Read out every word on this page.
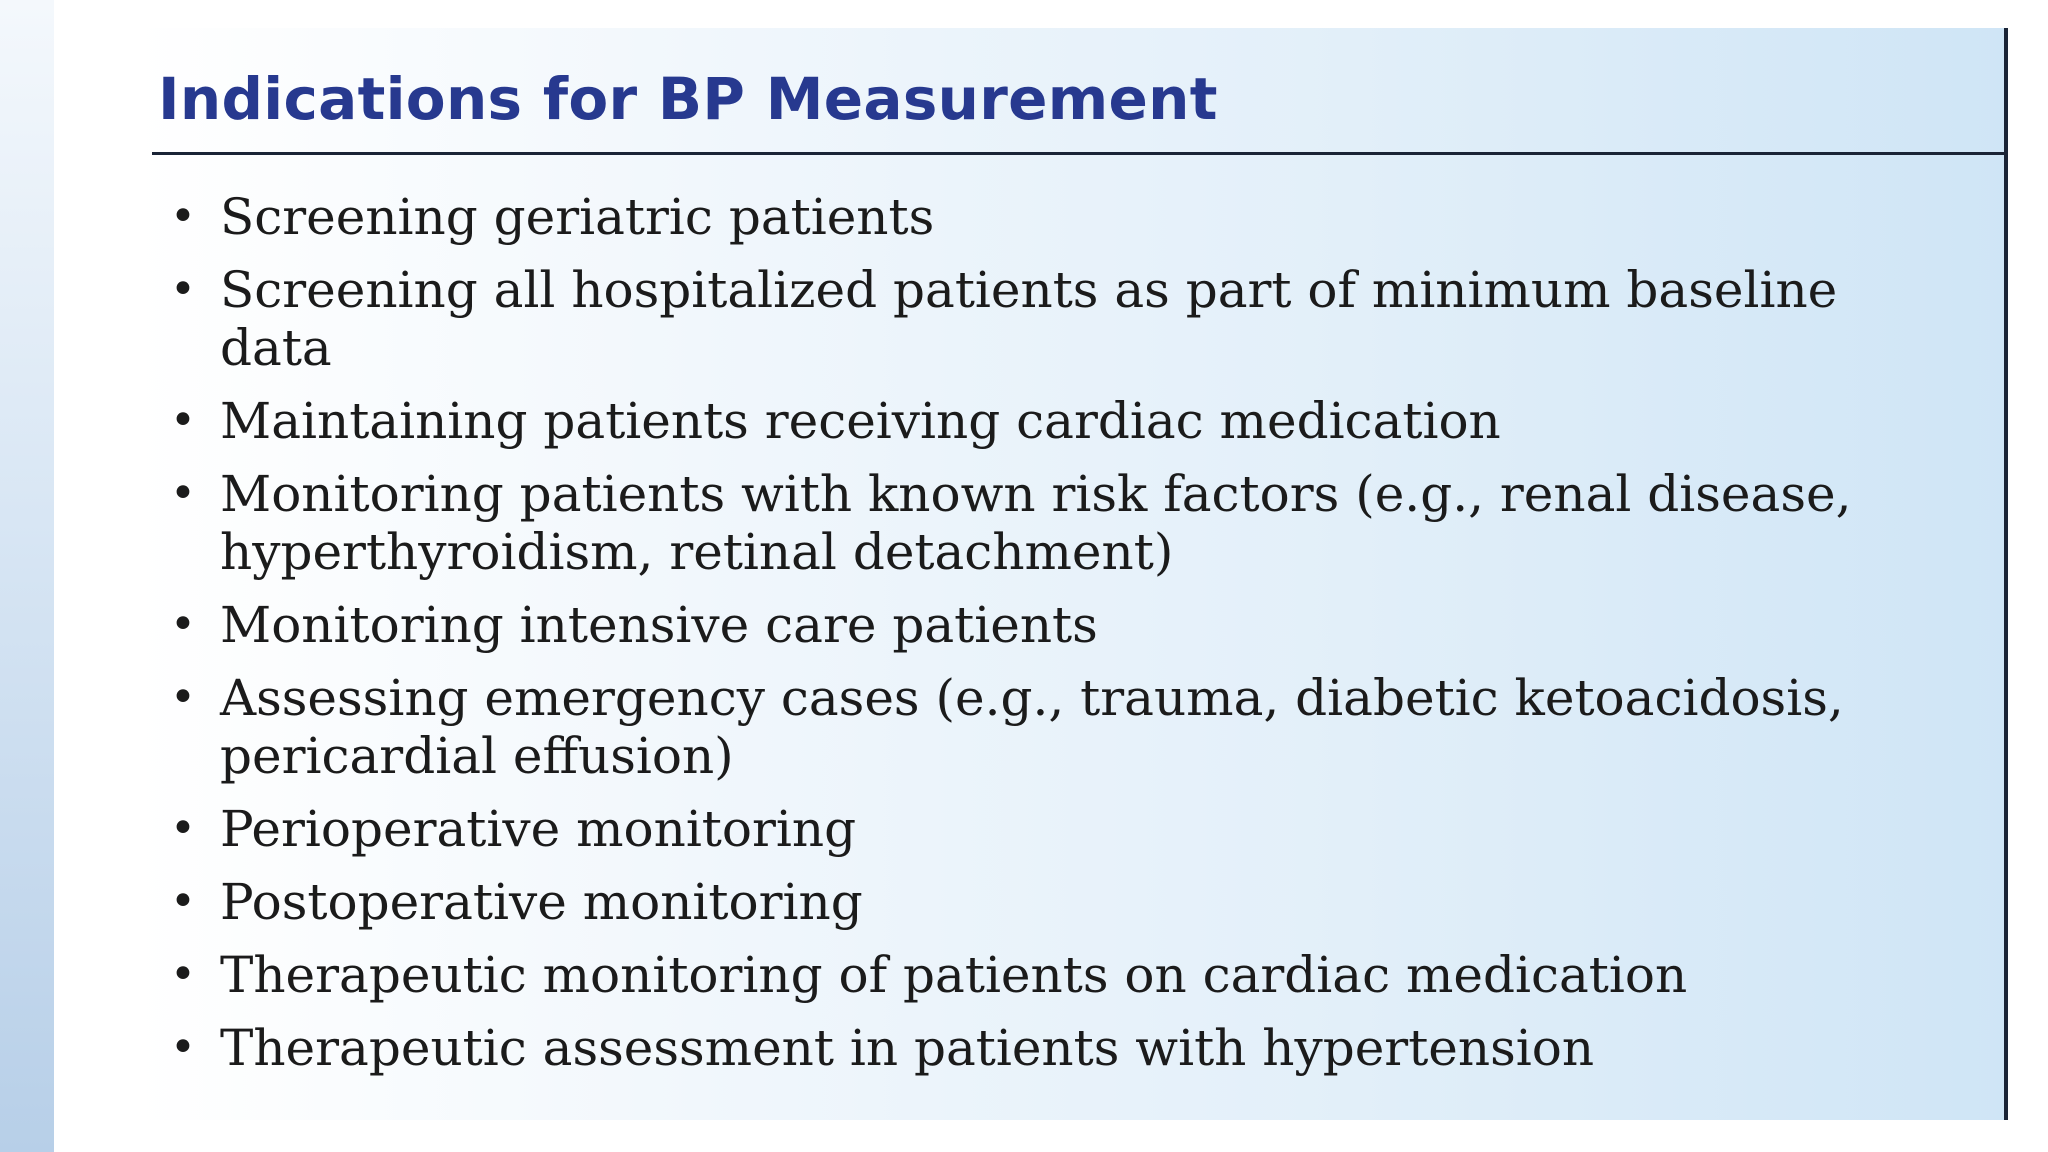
Indications for BP Measurement
• Screening geriatric patients
• Screening all hospitalized patients as part of minimum baseline data
• Maintaining patients receiving cardiac medication
• Monitoring patients with known risk factors (e.g., renal disease, hyperthyroidism, retinal detachment)
• Monitoring intensive care patients
• Assessing emergency cases (e.g., trauma, diabetic ketoacidosis, pericardial effusion)
• Perioperative monitoring
• Postoperative monitoring
• Therapeutic monitoring of patients on cardiac medication
• Therapeutic assessment in patients with hypertension
